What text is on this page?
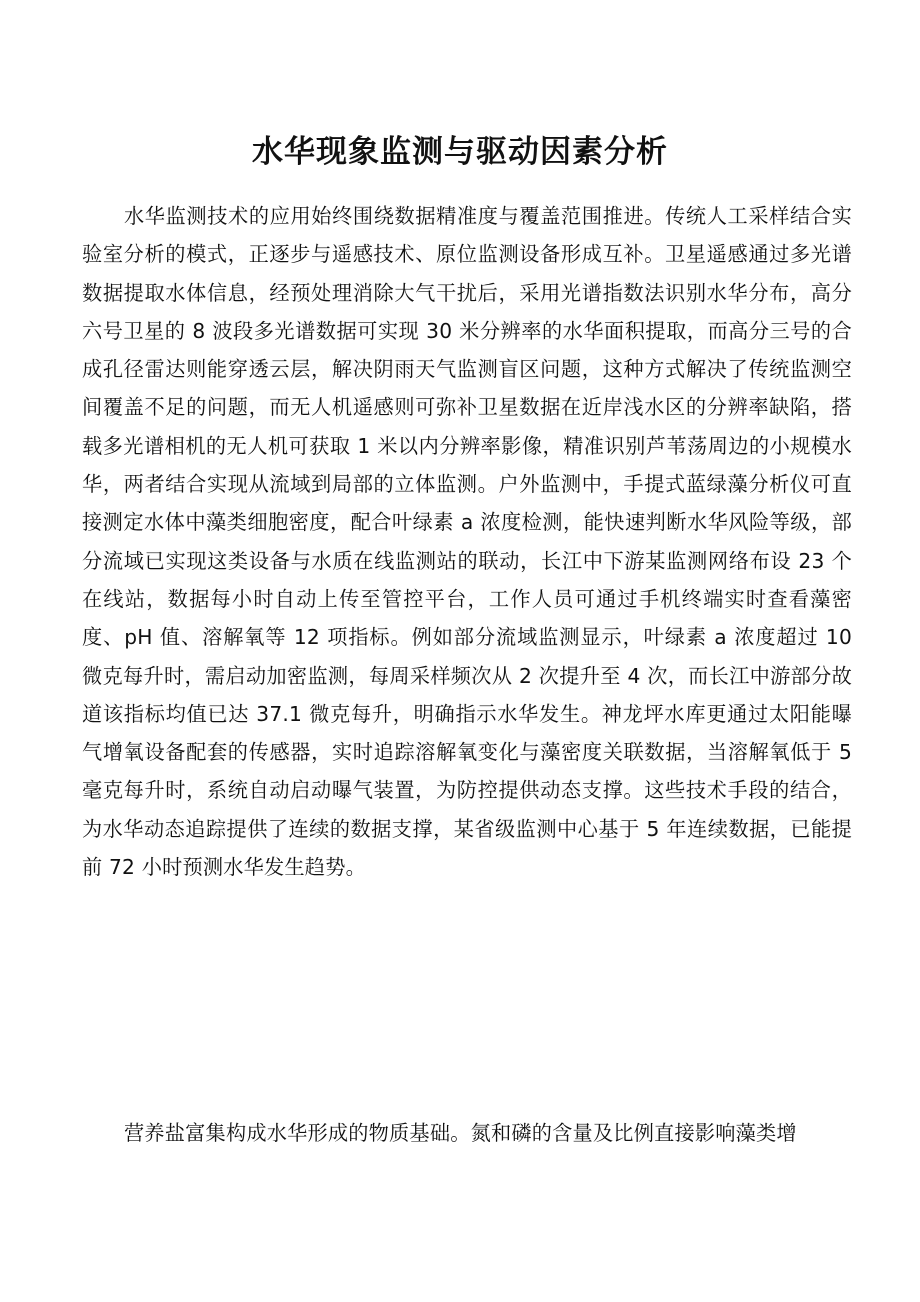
水华现象监测与驱动因素分析

水华监测技术的应用始终围绕数据精准度与覆盖范围推进。传统人工采样结合实验室分析的模式，正逐步与遥感技术、原位监测设备形成互补。卫星遥感通过多光谱数据提取水体信息，经预处理消除大气干扰后，采用光谱指数法识别水华分布，高分六号卫星的 8 波段多光谱数据可实现 30 米分辨率的水华面积提取，而高分三号的合成孔径雷达则能穿透云层，解决阴雨天气监测盲区问题，这种方式解决了传统监测空间覆盖不足的问题，而无人机遥感则可弥补卫星数据在近岸浅水区的分辨率缺陷，搭载多光谱相机的无人机可获取 1 米以内分辨率影像，精准识别芦苇荡周边的小规模水华，两者结合实现从流域到局部的立体监测。户外监测中，手提式蓝绿藻分析仪可直接测定水体中藻类细胞密度，配合叶绿素 a 浓度检测，能快速判断水华风险等级，部分流域已实现这类设备与水质在线监测站的联动，长江中下游某监测网络布设 23 个在线站，数据每小时自动上传至管控平台，工作人员可通过手机终端实时查看藻密度、pH 值、溶解氧等 12 项指标。例如部分流域监测显示，叶绿素 a 浓度超过 10 微克每升时，需启动加密监测，每周采样频次从 2 次提升至 4 次，而长江中游部分故道该指标均值已达 37.1 微克每升，明确指示水华发生。神龙坪水库更通过太阳能曝气增氧设备配套的传感器，实时追踪溶解氧变化与藻密度关联数据，当溶解氧低于 5 毫克每升时，系统自动启动曝气装置，为防控提供动态支撑。这些技术手段的结合，为水华动态追踪提供了连续的数据支撑，某省级监测中心基于 5 年连续数据，已能提前 72 小时预测水华发生趋势。

营养盐富集构成水华形成的物质基础。氮和磷的含量及比例直接影响藻类增
